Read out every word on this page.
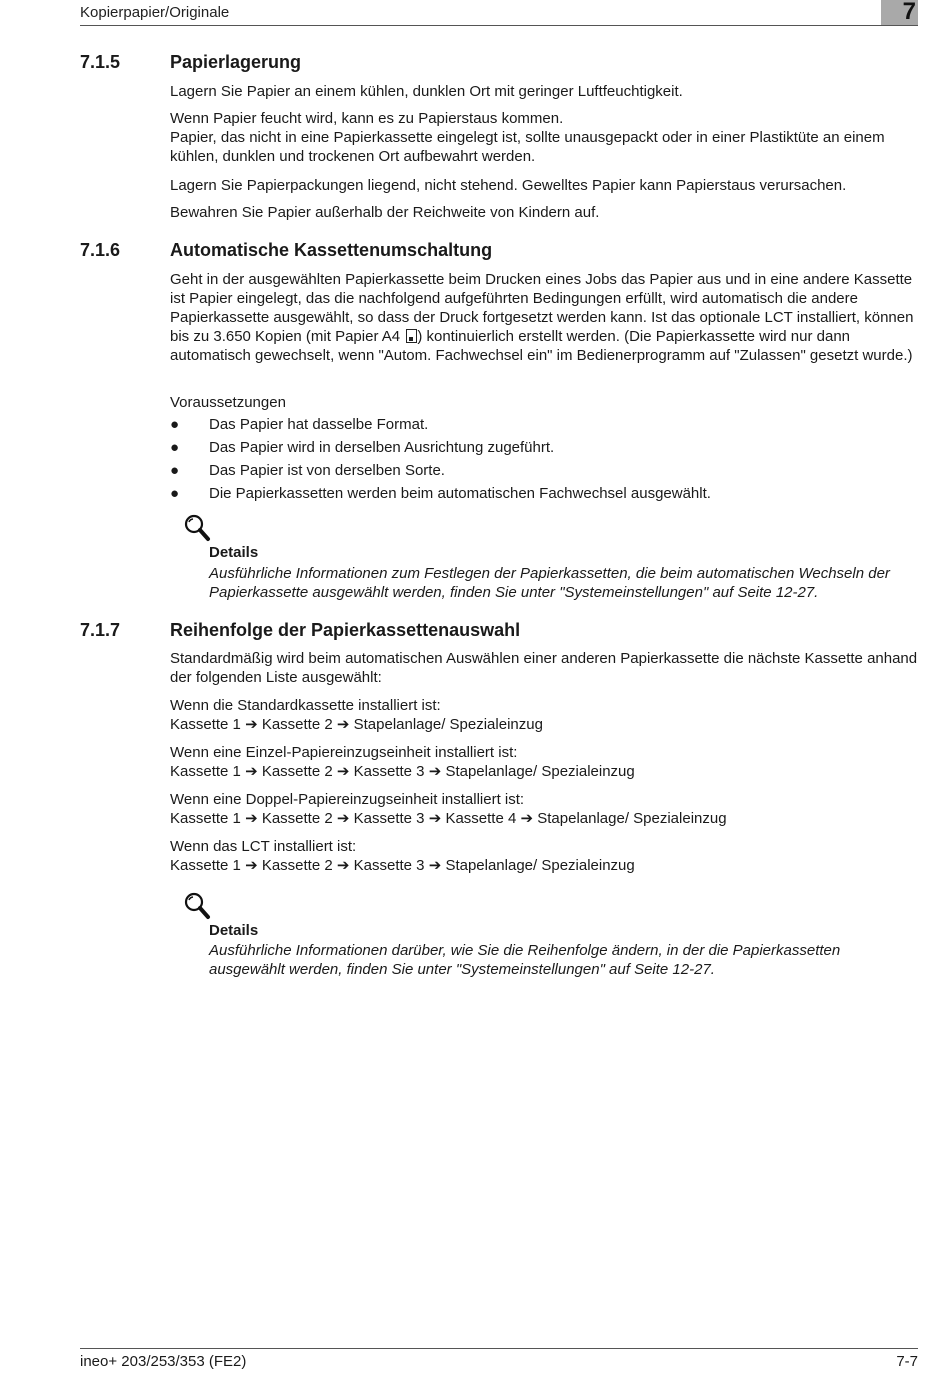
Kopierpapier/Originale	7
7.1.5	Papierlagerung

Lagern Sie Papier an einem kühlen, dunklen Ort mit geringer Luftfeuchtigkeit.

Wenn Papier feucht wird, kann es zu Papierstaus kommen.

Papier, das nicht in eine Papierkassette eingelegt ist, sollte unausgepackt oder in einer Plastiktüte an einem kühlen, dunklen und trockenen Ort aufbewahrt werden.

Lagern Sie Papierpackungen liegend, nicht stehend. Gewelltes Papier kann Papierstaus verursachen.

Bewahren Sie Papier außerhalb der Reichweite von Kindern auf.

7.1.6	Automatische Kassettenumschaltung

Geht in der ausgewählten Papierkassette beim Drucken eines Jobs das Papier aus und in eine andere Kassette ist Papier eingelegt, das die nachfolgend aufgeführten Bedingungen erfüllt, wird automatisch die andere Papierkassette ausgewählt, so dass der Druck fortgesetzt werden kann. Ist das optionale LCT installiert, können bis zu 3.650 Kopien (mit Papier A4 ) kontinuierlich erstellt werden. (Die Papierkassette wird nur dann automatisch gewechselt, wenn "Autom. Fachwechsel ein" im Bedienerprogramm auf "Zulassen" gesetzt wurde.)

Voraussetzungen

● Das Papier hat dasselbe Format.
● Das Papier wird in derselben Ausrichtung zugeführt.
● Das Papier ist von derselben Sorte.
● Die Papierkassetten werden beim automatischen Fachwechsel ausgewählt.
Details
Ausführliche Informationen zum Festlegen der Papierkassetten, die beim automatischen Wechseln der Papierkassette ausgewählt werden, finden Sie unter "Systemeinstellungen" auf Seite 12-27.
7.1.7	Reihenfolge der Papierkassettenauswahl

Standardmäßig wird beim automatischen Auswählen einer anderen Papierkassette die nächste Kassette anhand der folgenden Liste ausgewählt:

Wenn die Standardkassette installiert ist:

Kassette 1 ➔ Kassette 2 ➔ Stapelanlage/ Spezialeinzug

Wenn eine Einzel-Papiereinzugseinheit installiert ist:

Kassette 1 ➔ Kassette 2 ➔ Kassette 3 ➔ Stapelanlage/ Spezialeinzug

Wenn eine Doppel-Papiereinzugseinheit installiert ist:

Kassette 1 ➔ Kassette 2 ➔ Kassette 3 ➔ Kassette 4 ➔ Stapelanlage/ Spezialeinzug

Wenn das LCT installiert ist:

Kassette 1 ➔ Kassette 2 ➔ Kassette 3 ➔ Stapelanlage/ Spezialeinzug

Details
Ausführliche Informationen darüber, wie Sie die Reihenfolge ändern, in der die Papierkassetten ausgewählt werden, finden Sie unter "Systemeinstellungen" auf Seite 12-27.
ineo+ 203/253/353 (FE2)	7-7
